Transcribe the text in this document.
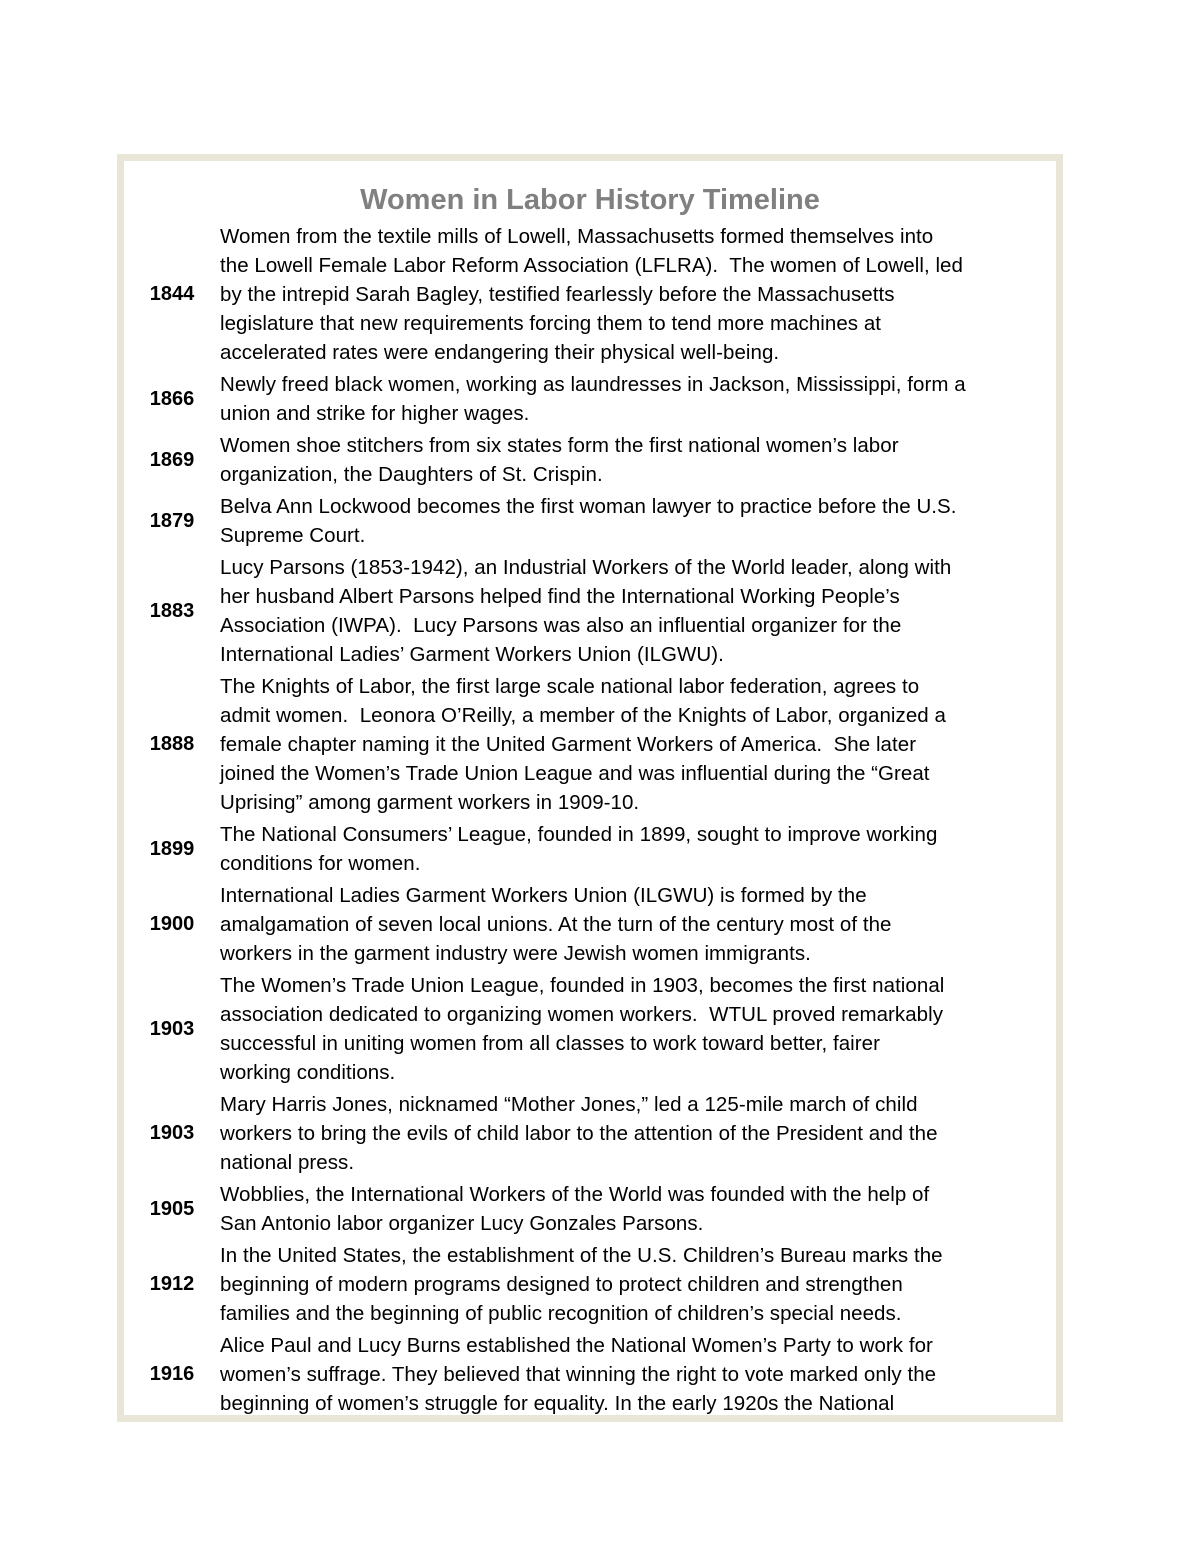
Women in Labor History Timeline
1844
Women from the textile mills of Lowell, Massachusetts formed themselves into
the Lowell Female Labor Reform Association (LFLRA).  The women of Lowell, led
by the intrepid Sarah Bagley, testified fearlessly before the Massachusetts
legislature that new requirements forcing them to tend more machines at
accelerated rates were endangering their physical well-being.
1866
Newly freed black women, working as laundresses in Jackson, Mississippi, form a
union and strike for higher wages.
1869
Women shoe stitchers from six states form the first national women’s labor
organization, the Daughters of St. Crispin.
1879
Belva Ann Lockwood becomes the first woman lawyer to practice before the U.S.
Supreme Court.
1883
Lucy Parsons (1853-1942), an Industrial Workers of the World leader, along with
her husband Albert Parsons helped find the International Working People’s
Association (IWPA).  Lucy Parsons was also an influential organizer for the
International Ladies’ Garment Workers Union (ILGWU).
1888
The Knights of Labor, the first large scale national labor federation, agrees to
admit women.  Leonora O’Reilly, a member of the Knights of Labor, organized a
female chapter naming it the United Garment Workers of America.  She later
joined the Women’s Trade Union League and was influential during the “Great
Uprising” among garment workers in 1909-10.
1899
The National Consumers’ League, founded in 1899, sought to improve working
conditions for women.
1900
International Ladies Garment Workers Union (ILGWU) is formed by the
amalgamation of seven local unions. At the turn of the century most of the
workers in the garment industry were Jewish women immigrants.
1903
The Women’s Trade Union League, founded in 1903, becomes the first national
association dedicated to organizing women workers.  WTUL proved remarkably
successful in uniting women from all classes to work toward better, fairer
working conditions.
1903
Mary Harris Jones, nicknamed “Mother Jones,” led a 125-mile march of child
workers to bring the evils of child labor to the attention of the President and the
national press.
1905
Wobblies, the International Workers of the World was founded with the help of
San Antonio labor organizer Lucy Gonzales Parsons.
1912
In the United States, the establishment of the U.S. Children’s Bureau marks the
beginning of modern programs designed to protect children and strengthen
families and the beginning of public recognition of children’s special needs.
1916
Alice Paul and Lucy Burns established the National Women’s Party to work for
women’s suffrage. They believed that winning the right to vote marked only the
beginning of women’s struggle for equality. In the early 1920s the National
